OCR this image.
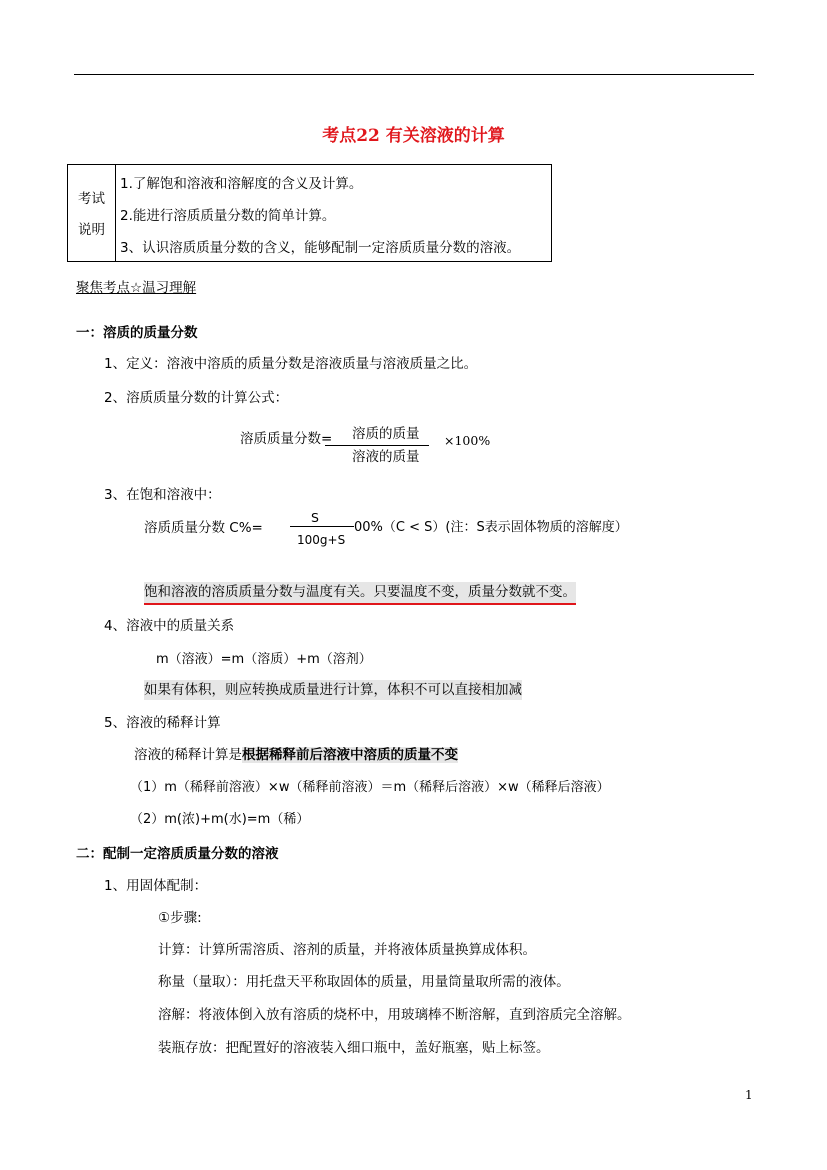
考点22 有关溶液的计算
考试
说明
1.了解饱和溶液和溶解度的含义及计算。
2.能进行溶质质量分数的简单计算。
3、认识溶质质量分数的含义，能够配制一定溶质质量分数的溶液。
聚焦考点☆温习理解
一：溶质的质量分数
1、定义：溶液中溶质的质量分数是溶液质量与溶液质量之比。
2、溶质质量分数的计算公式：
溶质质量分数= 溶质的质量
溶液的质量
×100%
3、在饱和溶液中：
溶质质量分数 C%=
S
100g+S
00%（C < S）(注：S表示固体物质的溶解度）
饱和溶液的溶质质量分数与温度有关。只要温度不变，质量分数就不变。
4、溶液中的质量关系
m（溶液）=m（溶质）+m（溶剂）
如果有体积，则应转换成质量进行计算，体积不可以直接相加减
5、溶液的稀释计算
溶液的稀释计算是根据稀释前后溶液中溶质的质量不变
（1）m（稀释前溶液）×w（稀释前溶液）＝m（稀释后溶液）×w（稀释后溶液）
（2）m(浓)+m(水)=m（稀）
二：配制一定溶质质量分数的溶液
1、用固体配制：
①步骤:
计算：计算所需溶质、溶剂的质量，并将液体质量换算成体积。
称量（量取）：用托盘天平称取固体的质量，用量筒量取所需的液体。
溶解：将液体倒入放有溶质的烧杯中，用玻璃棒不断溶解，直到溶质完全溶解。
装瓶存放：把配置好的溶液装入细口瓶中，盖好瓶塞，贴上标签。
1
